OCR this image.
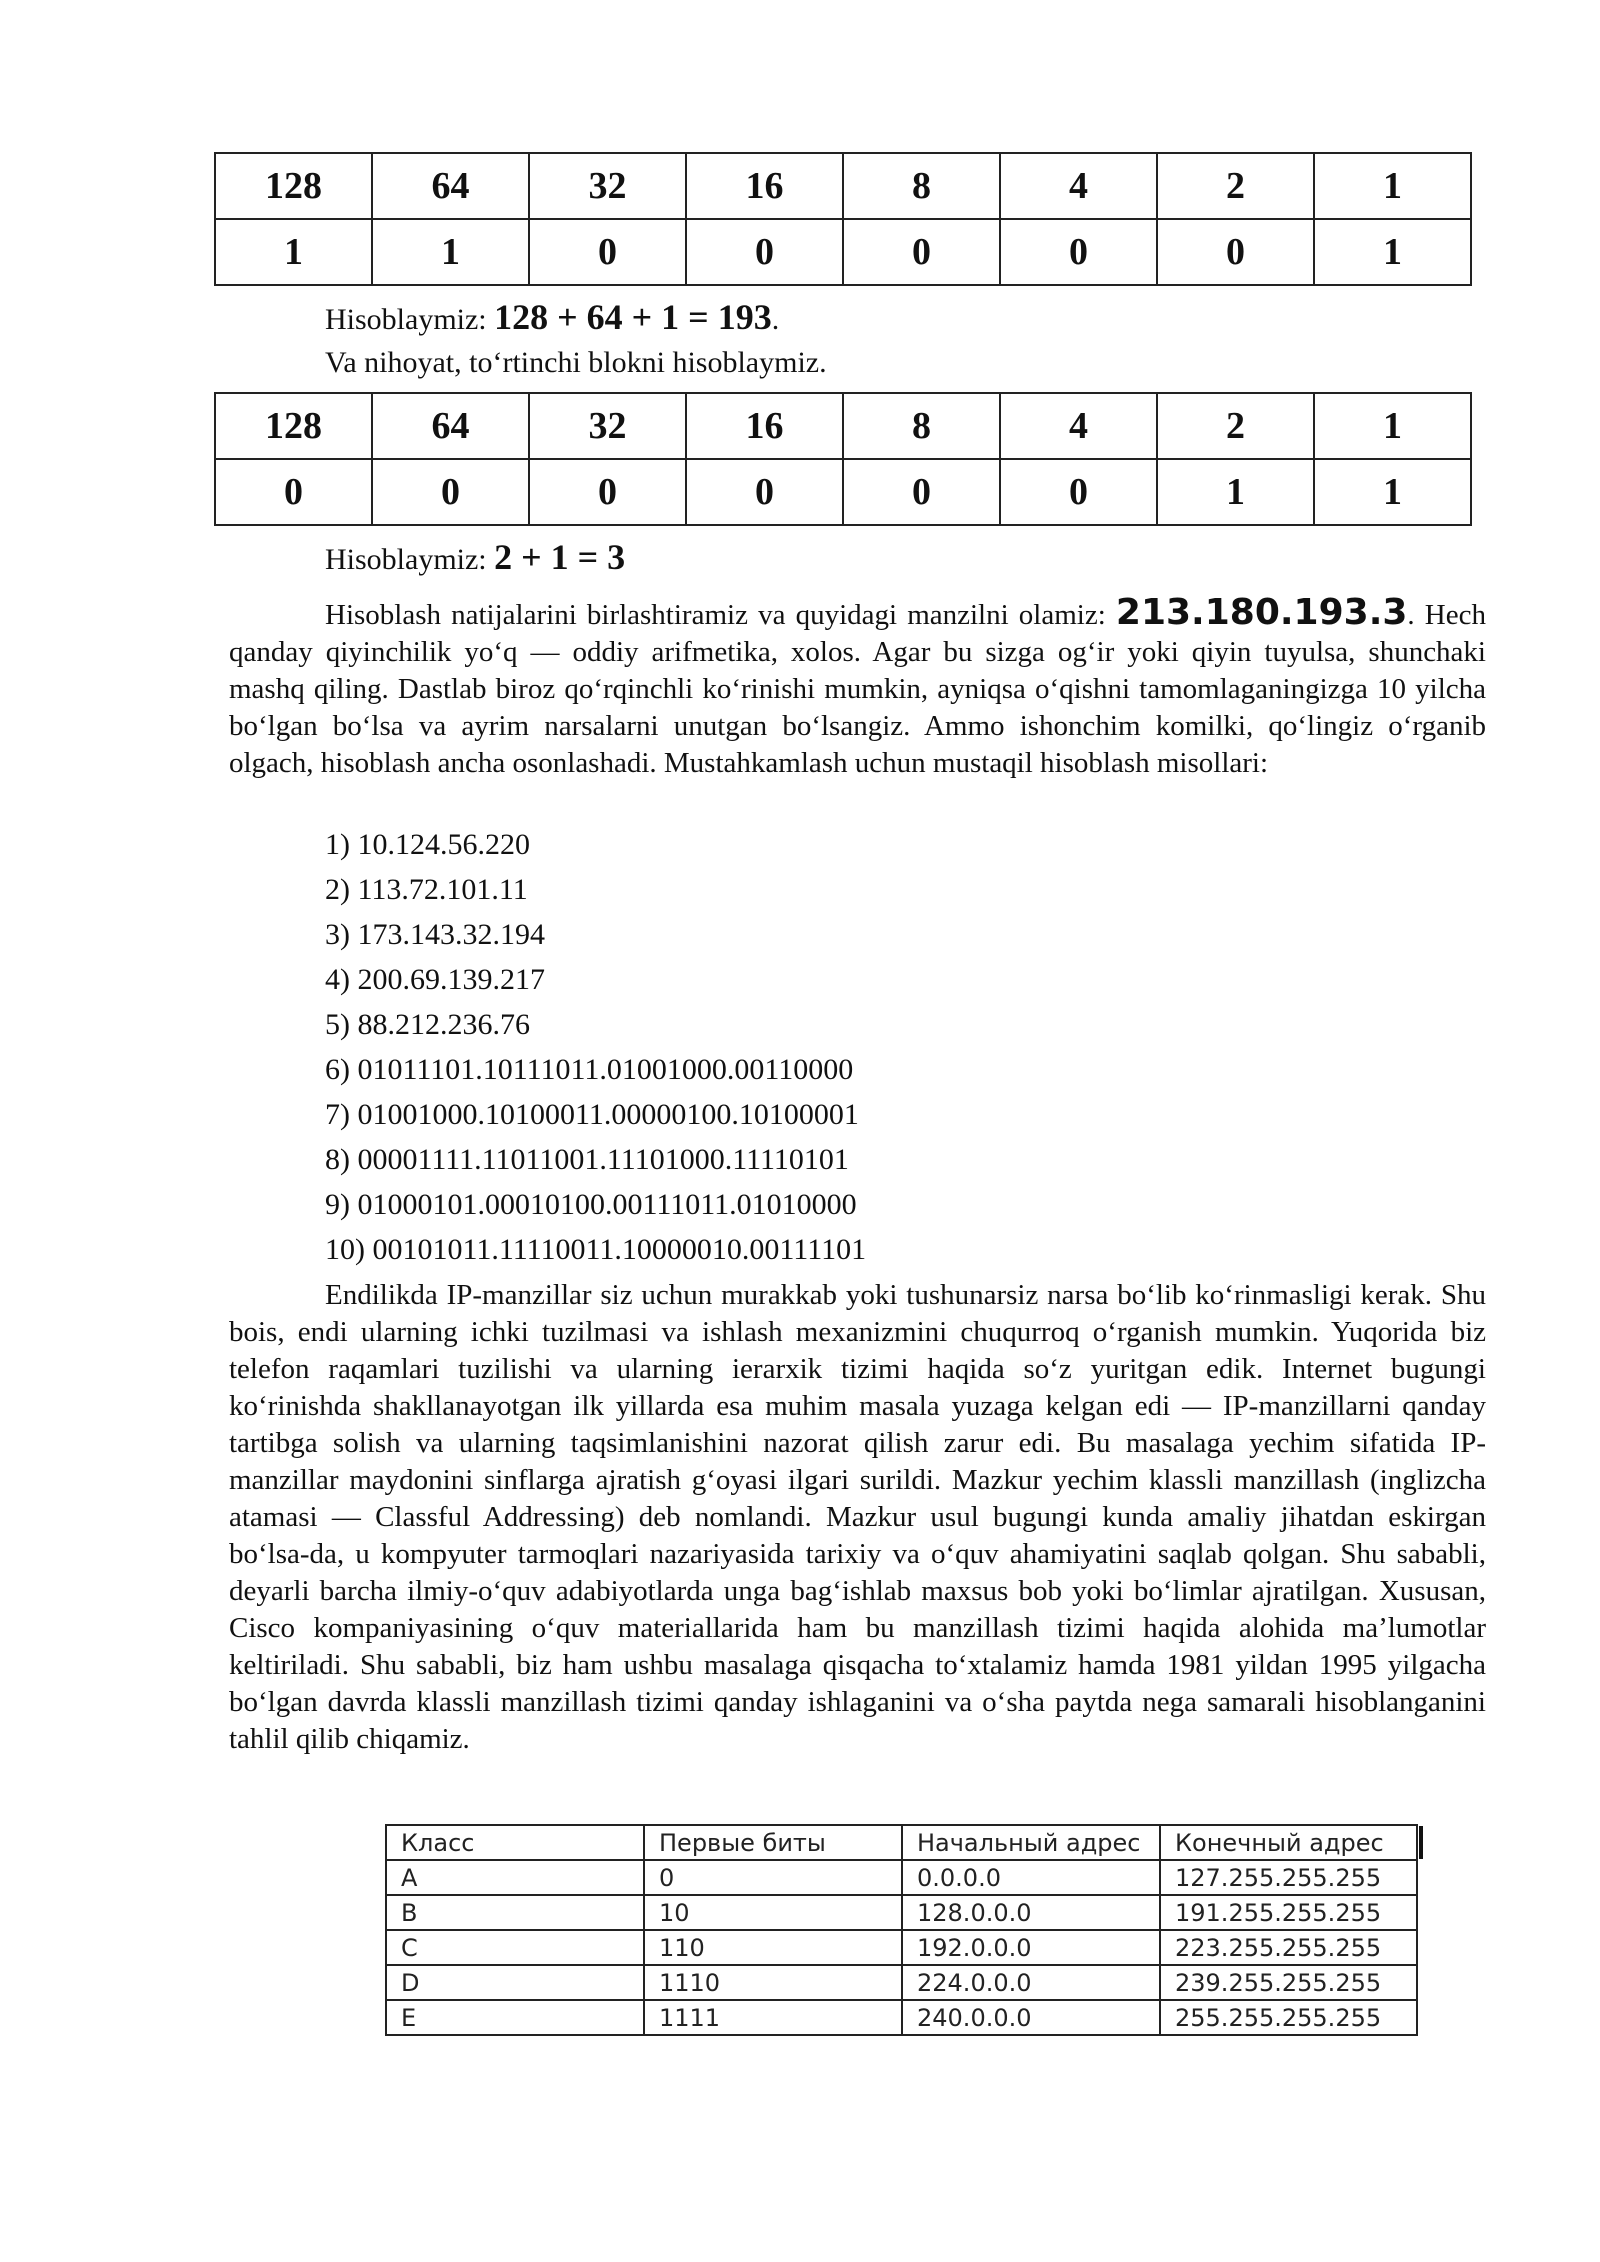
128	64	32	16	8	4	2	1
1	1	0	0	0	0	0	1
Hisoblaymiz: 128 + 64 + 1 = 193.
Va nihoyat, to‘rtinchi blokni hisoblaymiz.
128	64	32	16	8	4	2	1
0	0	0	0	0	0	1	1
Hisoblaymiz: 2 + 1 = 3
Hisoblash natijalarini birlashtiramiz va quyidagi manzilni olamiz: 213.180.193.3. Hech qanday qiyinchilik yo‘q — oddiy arifmetika, xolos. Agar bu sizga og‘ir yoki qiyin tuyulsa, shunchaki mashq qiling. Dastlab biroz qo‘rqinchli ko‘rinishi mumkin, ayniqsa o‘qishni tamomlaganingizga 10 yilcha bo‘lgan bo‘lsa va ayrim narsalarni unutgan bo‘lsangiz. Ammo ishonchim komilki, qo‘lingiz o‘rganib olgach, hisoblash ancha osonlashadi. Mustahkamlash uchun mustaqil hisoblash misollari:
1) 10.124.56.220
2) 113.72.101.11
3) 173.143.32.194
4) 200.69.139.217
5) 88.212.236.76
6) 01011101.10111011.01001000.00110000
7) 01001000.10100011.00000100.10100001
8) 00001111.11011001.11101000.11110101
9) 01000101.00010100.00111011.01010000
10) 00101011.11110011.10000010.00111101
Endilikda IP-manzillar siz uchun murakkab yoki tushunarsiz narsa bo‘lib ko‘rinmasligi kerak. Shu bois, endi ularning ichki tuzilmasi va ishlash mexanizmini chuqurroq o‘rganish mumkin. Yuqorida biz telefon raqamlari tuzilishi va ularning ierarxik tizimi haqida so‘z yuritgan edik. Internet bugungi ko‘rinishda shakllanayotgan ilk yillarda esa muhim masala yuzaga kelgan edi — IP-manzillarni qanday tartibga solish va ularning taqsimlanishini nazorat qilish zarur edi. Bu masalaga yechim sifatida IP-manzillar maydonini sinflarga ajratish g‘oyasi ilgari surildi. Mazkur yechim klassli manzillash (inglizcha atamasi — Classful Addressing) deb nomlandi. Mazkur usul bugungi kunda amaliy jihatdan eskirgan bo‘lsa-da, u kompyuter tarmoqlari nazariyasida tarixiy va o‘quv ahamiyatini saqlab qolgan. Shu sababli, deyarli barcha ilmiy-o‘quv adabiyotlarda unga bag‘ishlab maxsus bob yoki bo‘limlar ajratilgan. Xususan, Cisco kompaniyasining o‘quv materiallarida ham bu manzillash tizimi haqida alohida ma’lumotlar keltiriladi. Shu sababli, biz ham ushbu masalaga qisqacha to‘xtalamiz hamda 1981 yildan 1995 yilgacha bo‘lgan davrda klassli manzillash tizimi qanday ishlaganini va o‘sha paytda nega samarali hisoblanganini tahlil qilib chiqamiz.
Класс	Первые биты	Начальный адрес	Конечный адрес
A	0	0.0.0.0	127.255.255.255
B	10	128.0.0.0	191.255.255.255
C	110	192.0.0.0	223.255.255.255
D	1110	224.0.0.0	239.255.255.255
E	1111	240.0.0.0	255.255.255.255
